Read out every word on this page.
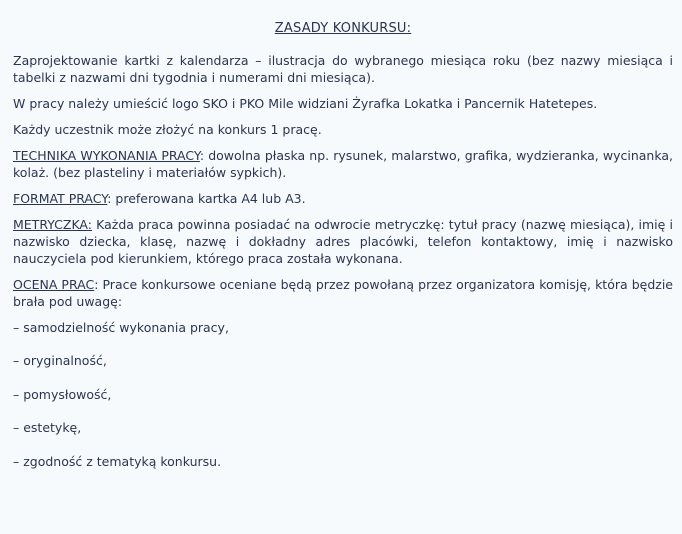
ZASADY KONKURSU:

Zaprojektowanie kartki z kalendarza – ilustracja do wybranego miesiąca roku (bez nazwy miesiąca i tabelki z nazwami dni tygodnia i numerami dni miesiąca).

W pracy należy umieścić logo SKO i PKO Mile widziani Żyrafka Lokatka i Pancernik Hatetepes.

Każdy uczestnik może złożyć na konkurs 1 pracę.

TECHNIKA WYKONANIA PRACY: dowolna płaska np. rysunek, malarstwo, grafika, wydzieranka, wycinanka, kolaż. (bez plasteliny i materiałów sypkich).

FORMAT PRACY: preferowana kartka A4 lub A3.

METRYCZKA: Każda praca powinna posiadać na odwrocie metryczkę: tytuł pracy (nazwę miesiąca), imię i nazwisko dziecka, klasę, nazwę i dokładny adres placówki, telefon kontaktowy, imię i nazwisko nauczyciela pod kierunkiem, którego praca została wykonana.

OCENA PRAC: Prace konkursowe oceniane będą przez powołaną przez organizatora komisję, która będzie brała pod uwagę:

– samodzielność wykonania pracy,
– oryginalność,
– pomysłowość,
– estetykę,
– zgodność z tematyką konkursu.
